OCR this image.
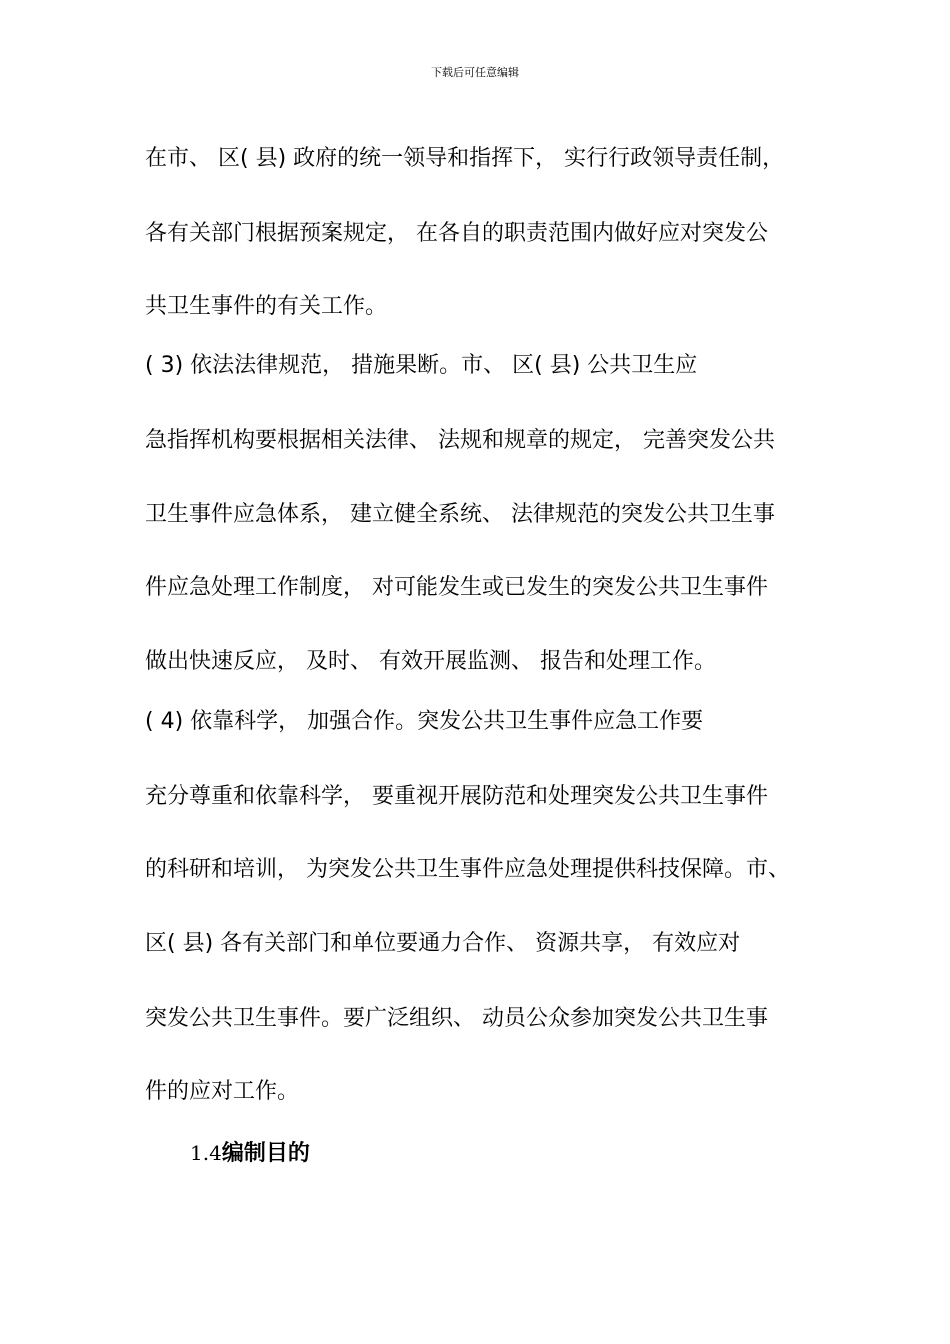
下载后可任意编辑
在市、 区( 县) 政府的统一领导和指挥下， 实行行政领导责任制，
各有关部门根据预案规定， 在各自的职责范围内做好应对突发公
共卫生事件的有关工作。
( 3) 依法法律规范， 措施果断。市、 区( 县) 公共卫生应
急指挥机构要根据相关法律、 法规和规章的规定， 完善突发公共
卫生事件应急体系， 建立健全系统、 法律规范的突发公共卫生事
件应急处理工作制度， 对可能发生或已发生的突发公共卫生事件
做出快速反应， 及时、 有效开展监测、 报告和处理工作。
( 4) 依靠科学， 加强合作。突发公共卫生事件应急工作要
充分尊重和依靠科学， 要重视开展防范和处理突发公共卫生事件
的科研和培训， 为突发公共卫生事件应急处理提供科技保障。市、
区( 县) 各有关部门和单位要通力合作、 资源共享， 有效应对
突发公共卫生事件。要广泛组织、 动员公众参加突发公共卫生事
件的应对工作。
1.4编制目的
